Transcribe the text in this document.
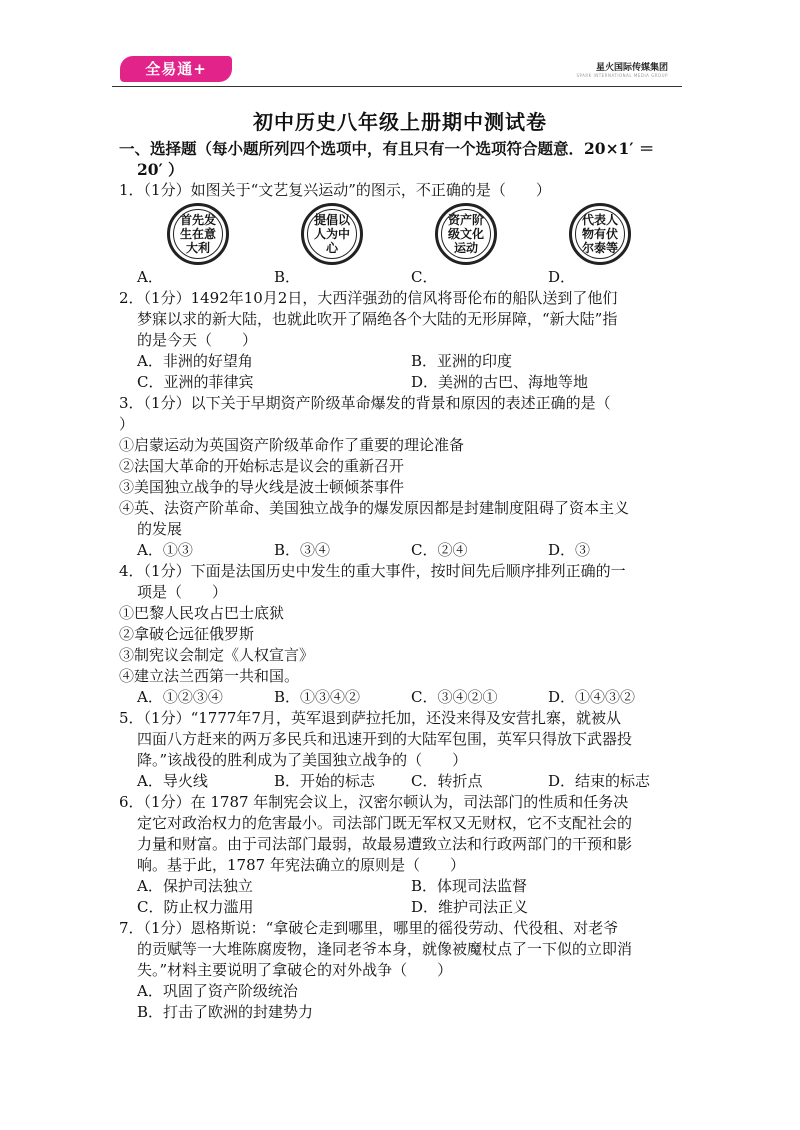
全易通+	星火国际传媒集团
SPARK INTERNATIONAL MEDIA GROUP
初中历史八年级上册期中测试卷
一、选择题（每小题所列四个选项中，有且只有一个选项符合题意．20×1′ ＝
20′ ）
1．（1分）如图关于“文艺复兴运动”的图示，不正确的是（　　）
首先发生在意大利
提倡以人为中心
资产阶级文化运动
代表人物有伏尔泰等
A．	B．	C．	D．
2．（1分）1492年10月2日，大西洋强劲的信风将哥伦布的船队送到了他们
梦寐以求的新大陆，也就此吹开了隔绝各个大陆的无形屏障，“新大陆”指
的是今天（　　）
A．非洲的好望角	B．亚洲的印度
C．亚洲的菲律宾	D．美洲的古巴、海地等地
3．（1分）以下关于早期资产阶级革命爆发的背景和原因的表述正确的是（
）
①启蒙运动为英国资产阶级革命作了重要的理论准备
②法国大革命的开始标志是议会的重新召开
③美国独立战争的导火线是波士顿倾茶事件
④英、法资产阶革命、美国独立战争的爆发原因都是封建制度阻碍了资本主义
的发展
A．①③	B．③④	C．②④	D．③
4．（1分）下面是法国历史中发生的重大事件，按时间先后顺序排列正确的一
项是（　　）
①巴黎人民攻占巴士底狱
②拿破仑远征俄罗斯
③制宪议会制定《人权宣言》
④建立法兰西第一共和国。
A．①②③④	B．①③④②	C．③④②①	D．①④③②
5．（1分）“1777年7月，英军退到萨拉托加，还没来得及安营扎寨，就被从
四面八方赶来的两万多民兵和迅速开到的大陆军包围，英军只得放下武器投
降。”该战役的胜利成为了美国独立战争的（　　）
A．导火线	B．开始的标志	C．转折点	D．结束的标志
6．（1分）在 1787 年制宪会议上，汉密尔顿认为，司法部门的性质和任务决
定它对政治权力的危害最小。司法部门既无军权又无财权，它不支配社会的
力量和财富。由于司法部门最弱，故最易遭致立法和行政两部门的干预和影
响。基于此，1787 年宪法确立的原则是（　　）
A．保护司法独立	B．体现司法监督
C．防止权力滥用	D．维护司法正义
7．（1分）恩格斯说：“拿破仑走到哪里，哪里的徭役劳动、代役租、对老爷
的贡赋等一大堆陈腐废物，逢同老爷本身，就像被魔杖点了一下似的立即消
失。”材料主要说明了拿破仑的对外战争（　　）
A．巩固了资产阶级统治
B．打击了欧洲的封建势力
